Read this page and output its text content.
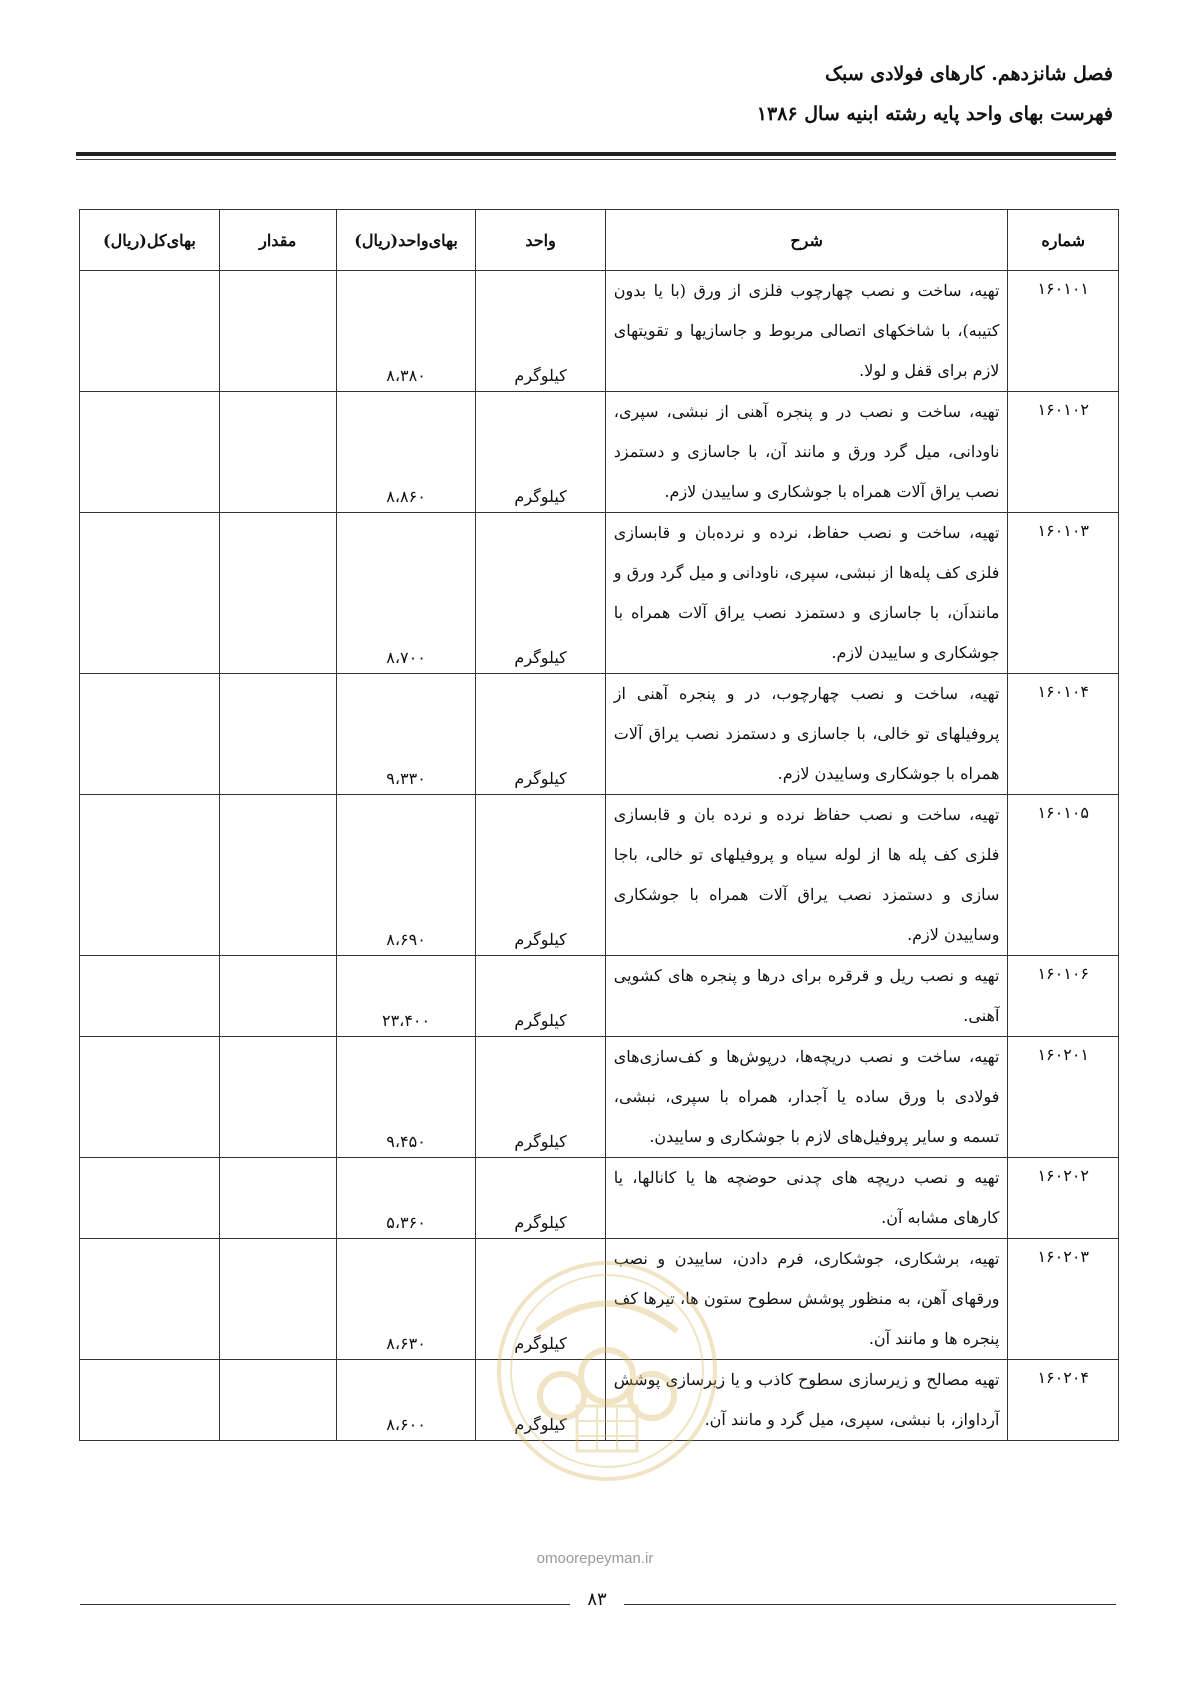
فصل شانزدهم. کارهای فولادی سبک
فهرست بهای واحد پایه رشته ابنیه سال ۱۳۸۶
شماره	شرح	واحد	بهای‌واحد(ریال)	مقدار	بهای‌کل(ریال)
۱۶۰۱۰۱	تهیه، ساخت و نصب چهارچوب فلزی از ورق (با یا بدون کتیبه)، با شاخکهای اتصالی مربوط و جاسازیها و تقویتهای لازم برای قفل و لولا.	کیلوگرم	۸،۳۸۰		
۱۶۰۱۰۲	تهیه، ساخت و نصب در و پنجره آهنی از نبشی، سپری، ناودانی، میل گرد ورق و مانند آن، با جاسازی و دستمزد نصب یراق آلات همراه با جوشکاری و ساییدن لازم.	کیلوگرم	۸،۸۶۰		
۱۶۰۱۰۳	تهیه، ساخت و نصب حفاظ، نرده و نرده‌بان و قابسازی فلزی کف پله‌ها از نبشی، سپری، ناودانی و میل گرد ورق و ماننداَن، با جاسازی و دستمزد نصب یراق آلات همراه با جوشکاری و ساییدن لازم.	کیلوگرم	۸،۷۰۰		
۱۶۰۱۰۴	تهیه، ساخت و نصب چهارچوب، در و پنجره آهنی از پروفیلهای تو خالی، با جاسازی و دستمزد نصب یراق آلات همراه با جوشکاری وساییدن لازم.	کیلوگرم	۹،۳۳۰		
۱۶۰۱۰۵	تهیه، ساخت و نصب حفاظ نرده و نرده بان و قابسازی فلزی کف پله ها از لوله سیاه و پروفیلهای تو خالی، باجا سازی و دستمزد نصب یراق آلات همراه با جوشکاری وساییدن لازم.	کیلوگرم	۸،۶۹۰		
۱۶۰۱۰۶	تهیه و نصب ریل و قرقره برای درها و پنجره های کشویی آهنی.	کیلوگرم	۲۳،۴۰۰		
۱۶۰۲۰۱	تهیه، ساخت و نصب دریچه‌ها، درپوش‌ها و کف‌سازی‌های فولادی با ورق ساده یا آجدار، همراه با سپری، نبشی، تسمه و سایر پروفیل‌های لازم با جوشکاری و ساییدن.	کیلوگرم	۹،۴۵۰		
۱۶۰۲۰۲	تهیه و نصب دریچه های چدنی حوضچه ها یا کانالها، یا کارهای مشابه آن.	کیلوگرم	۵،۳۶۰		
۱۶۰۲۰۳	تهیه، برشکاری، جوشکاری، فرم دادن، ساییدن و نصب ورقهای آهن، به منظور پوشش سطوح ستون ها، تیرها کف پنجره ها و مانند آن.	کیلوگرم	۸،۶۳۰		
۱۶۰۲۰۴	تهیه مصالح و زیرسازی سطوح کاذب و یا زیرسازی پوشش آرداواز، با نبشی، سپری، میل گرد و مانند آن.	کیلوگرم	۸،۶۰۰		
omoorepeyman.ir
۸۳
